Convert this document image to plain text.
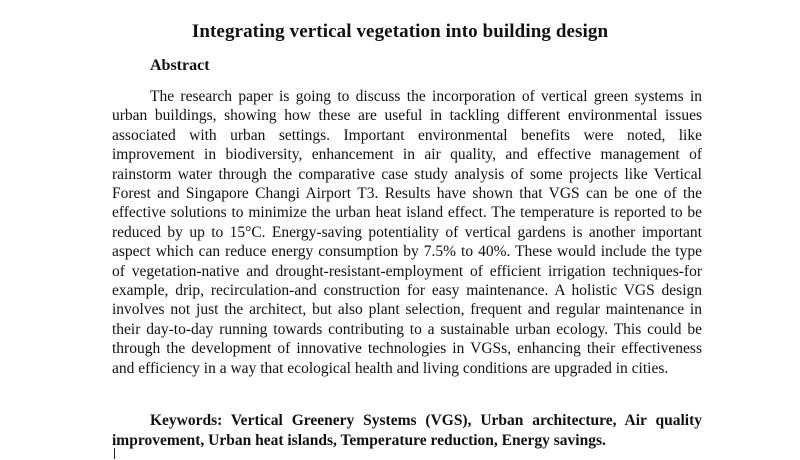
Integrating vertical vegetation into building design
Abstract

The research paper is going to discuss the incorporation of vertical green systems in urban buildings, showing how these are useful in tackling different environmental issues associated with urban settings. Important environmental benefits were noted, like improvement in biodiversity, enhancement in air quality, and effective management of rainstorm water through the comparative case study analysis of some projects like Vertical Forest and Singapore Changi Airport T3. Results have shown that VGS can be one of the effective solutions to minimize the urban heat island effect. The temperature is reported to be reduced by up to 15°C. Energy-saving potentiality of vertical gardens is another important aspect which can reduce energy consumption by 7.5% to 40%. These would include the type of vegetation-native and drought-resistant-employment of efficient irrigation techniques-for example, drip, recirculation-and construction for easy maintenance. A holistic VGS design involves not just the architect, but also plant selection, frequent and regular maintenance in their day-to-day running towards contributing to a sustainable urban ecology. This could be through the development of innovative technologies in VGSs, enhancing their effectiveness and efficiency in a way that ecological health and living conditions are upgraded in cities.

Keywords: Vertical Greenery Systems (VGS), Urban architecture, Air quality improvement, Urban heat islands, Temperature reduction, Energy savings.
